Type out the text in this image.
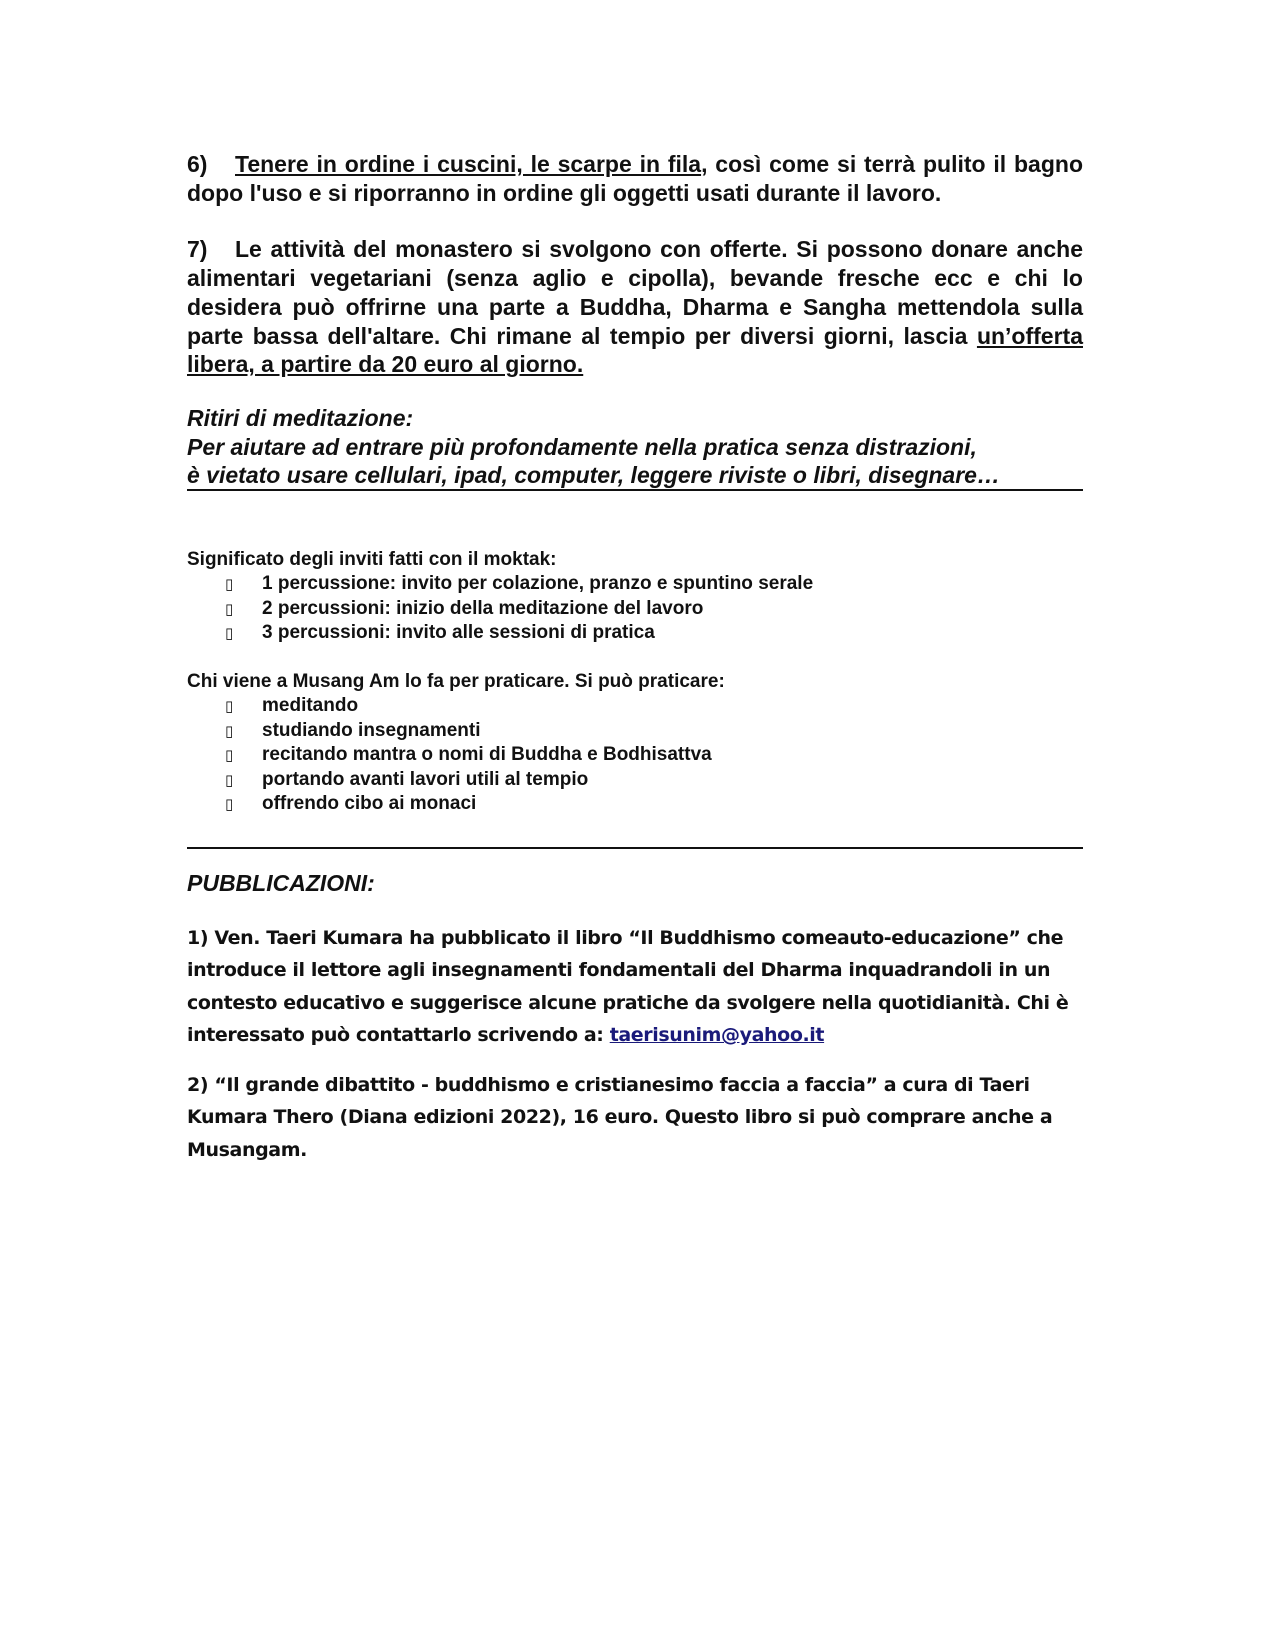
6) Tenere in ordine i cuscini, le scarpe in fila, così come si terrà pulito il bagno dopo l'uso e si riporranno in ordine gli oggetti usati durante il lavoro.

7) Le attività del monastero si svolgono con offerte. Si possono donare anche alimentari vegetariani (senza aglio e cipolla), bevande fresche ecc e chi lo desidera può offrirne una parte a Buddha, Dharma e Sangha mettendola sulla parte bassa dell'altare. Chi rimane al tempio per diversi giorni, lascia un’offerta libera, a partire da 20 euro al giorno.

Ritiri di meditazione:

Per aiutare ad entrare più profondamente nella pratica senza distrazioni,

è vietato usare cellulari, ipad, computer, leggere riviste o libri, disegnare…

Significato degli inviti fatti con il moktak:

▯ 1 percussione: invito per colazione, pranzo e spuntino serale
▯ 2 percussioni: inizio della meditazione del lavoro
▯ 3 percussioni: invito alle sessioni di pratica

Chi viene a Musang Am lo fa per praticare. Si può praticare:

▯ meditando
▯ studiando insegnamenti
▯ recitando mantra o nomi di Buddha e Bodhisattva
▯ portando avanti lavori utili al tempio
▯ offrendo cibo ai monaci

PUBBLICAZIONI:

1) Ven. Taeri Kumara ha pubblicato il libro “Il Buddhismo comeauto-educazione” che introduce il lettore agli insegnamenti fondamentali del Dharma inquadrandoli in un contesto educativo e suggerisce alcune pratiche da svolgere nella quotidianità. Chi è interessato può contattarlo scrivendo a: taerisunim@yahoo.it

2) “Il grande dibattito - buddhismo e cristianesimo faccia a faccia” a cura di Taeri Kumara Thero (Diana edizioni 2022), 16 euro. Questo libro si può comprare anche a Musangam.
